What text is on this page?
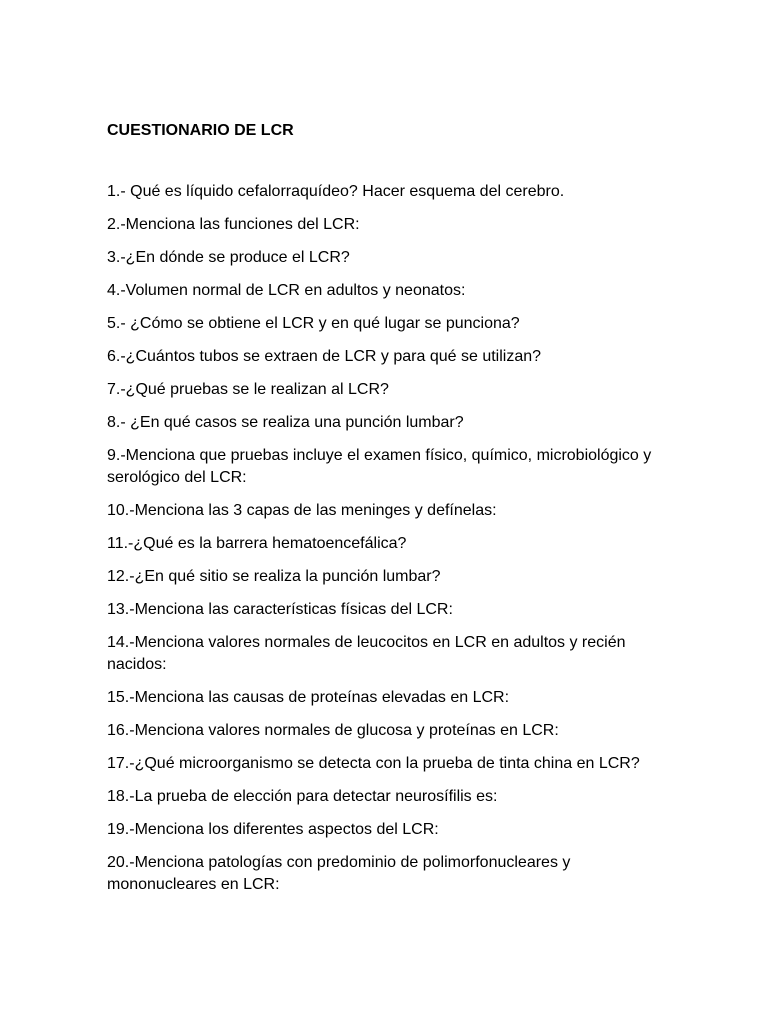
CUESTIONARIO DE LCR
1.- Qué es líquido cefalorraquídeo? Hacer esquema del cerebro.
2.-Menciona las funciones del LCR:
3.-¿En dónde se produce el LCR?
4.-Volumen normal de LCR en adultos y neonatos:
5.- ¿Cómo se obtiene el LCR y en qué lugar se punciona?
6.-¿Cuántos tubos se extraen de LCR y para qué se utilizan?
7.-¿Qué pruebas se le realizan al LCR?
8.- ¿En qué casos se realiza una punción lumbar?
9.-Menciona que pruebas incluye el examen físico, químico, microbiológico y serológico del LCR:
10.-Menciona las 3 capas de las meninges y defínelas:
11.-¿Qué es la barrera hematoencefálica?
12.-¿En qué sitio se realiza la punción lumbar?
13.-Menciona las características físicas del LCR:
14.-Menciona valores normales de leucocitos en LCR en adultos y recién nacidos:
15.-Menciona las causas de proteínas elevadas en LCR:
16.-Menciona valores normales de glucosa y proteínas en LCR:
17.-¿Qué microorganismo se detecta con la prueba de tinta china en LCR?
18.-La prueba de elección para detectar neurosífilis es:
19.-Menciona los diferentes aspectos del LCR:
20.-Menciona patologías con predominio de polimorfonucleares y mononucleares en LCR:
